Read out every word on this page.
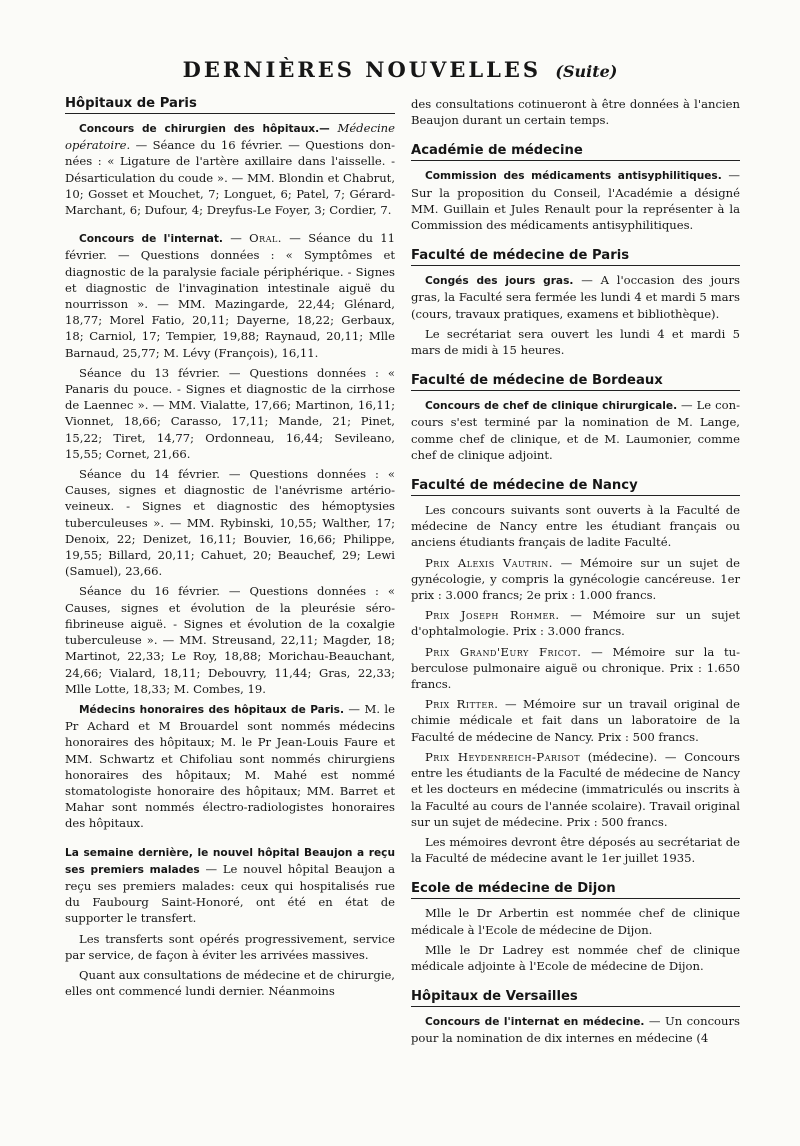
DERNIÈRES NOUVELLES (Suite)
Hôpitaux de Paris

Concours de chirurgien des hôpitaux.— Médecine opératoire. — Séance du 16 février. — Questions données : « Ligature de l'artère axillaire dans l'aisselle. - Désarticulation du coude ». — MM. Blondin et Chabrut, 10; Gosset et Mouchet, 7; Longuet, 6; Patel, 7; Gérard-Marchant, 6; Dufour, 4; Dreyfus-Le Foyer, 3; Cordier, 7.

Concours de l'internat. — Oral. — Séance du 11 février. — Questions données : « Symptômes et diagnostic de la paralysie faciale périphérique. - Signes et diagnostic de l'invagination intestinale aiguë du nourrisson ». — MM. Mazingarde, 22,44; Glénard, 18,77; Morel Fatio, 20,11; Dayerne, 18,22; Gerbaux, 18; Carniol, 17; Tempier, 19,88; Raynaud, 20,11; Mlle Barnaud, 25,77; M. Lévy (François), 16,11.

Séance du 13 février. — Questions données : « Panaris du pouce. - Signes et diagnostic de la cirrhose de Laennec ». — MM. Vialatte, 17,66; Martinon, 16,11; Vionnet, 18,66; Carasso, 17,11; Mande, 21; Pinet, 15,22; Tiret, 14,77; Ordonneau, 16,44; Sevileano, 15,55; Cornet, 21,66.

Séance du 14 février. — Questions données : « Causes, signes et diagnostic de l'anévrisme artério-veineux. - Signes et diagnostic des hémoptysies tuberculeuses ». — MM. Rybinski, 10,55; Walther, 17; Denoix, 22; Denizet, 16,11; Bouvier, 16,66; Philippe, 19,55; Billard, 20,11; Cahuet, 20; Beauchef, 29; Lewi (Samuel), 23,66.

Séance du 16 février. — Questions données : « Causes, signes et évolution de la pleurésie sérofibrineuse aiguë. - Signes et évolution de la coxalgie tuberculeuse ». — MM. Streusand, 22,11; Magder, 18; Martinot, 22,33; Le Roy, 18,88; Morichau-Beauchant, 24,66; Vialard, 18,11; Debouvry, 11,44; Gras, 22,33; Mlle Lotte, 18,33; M. Combes, 19.

Médecins honoraires des hôpitaux de Paris. — M. le Pr Achard et M Brouardel sont nommés médecins honoraires des hôpitaux; M. le Pr Jean-Louis Faure et MM. Schwartz et Chifoliau sont nommés chirurgiens honoraires des hôpitaux; M. Mahé est nommé stomatologiste honoraire des hôpitaux; MM. Barret et Mahar sont nommés électro-radiologistes honoraires des hôpitaux.

La semaine dernière, le nouvel hôpital Beaujon a reçu ses premiers malades — Le nouvel hôpital Beaujon a reçu ses premiers malades: ceux qui hospitalisés rue du Faubourg Saint-Honoré, ont été en état de supporter le transfert.

Les transferts sont opérés progressivement, service par service, de façon à éviter les arrivées massives.

Quant aux consultations de médecine et de chirurgie, elles ont commencé lundi dernier. Néanmoins

des consultations cotinueront à être données à l'ancien Beaujon durant un certain temps.

Académie de médecine

Commission des médicaments antisyphilitiques. — Sur la proposition du Conseil, l'Académie a désigné MM. Guillain et Jules Renault pour la représenter à la Commission des médicaments antisyphilitiques.

Faculté de médecine de Paris

Congés des jours gras. — A l'occasion des jours gras, la Faculté sera fermée les lundi 4 et mardi 5 mars (cours, travaux pratiques, examens et bibliothèque).

Le secrétariat sera ouvert les lundi 4 et mardi 5 mars de midi à 15 heures.

Faculté de médecine de Bordeaux

Concours de chef de clinique chirurgicale. — Le concours s'est terminé par la nomination de M. Lange, comme chef de clinique, et de M. Laumonier, comme chef de clinique adjoint.

Faculté de médecine de Nancy

Les concours suivants sont ouverts à la Faculté de médecine de Nancy entre les étudiant français ou anciens étudiants français de ladite Faculté.

Prix Alexis Vautrin. — Mémoire sur un sujet de gynécologie, y compris la gynécologie cancéreuse. 1er prix : 3.000 francs; 2e prix : 1.000 francs.

Prix Joseph Rohmer. — Mémoire sur un sujet d'ophtalmologie. Prix : 3.000 francs.

Prix Grand'Eury Fricot. — Mémoire sur la tuberculose pulmonaire aiguë ou chronique. Prix : 1.650 francs.

Prix Ritter. — Mémoire sur un travail original de chimie médicale et fait dans un laboratoire de la Faculté de médecine de Nancy. Prix : 500 francs.

Prix Heydenreich-Parisot (médecine). — Concours entre les étudiants de la Faculté de médecine de Nancy et les docteurs en médecine (immatriculés ou inscrits à la Faculté au cours de l'année scolaire). Travail original sur un sujet de médecine. Prix : 500 francs.

Les mémoires devront être déposés au secrétariat de la Faculté de médecine avant le 1er juillet 1935.

Ecole de médecine de Dijon

Mlle le Dr Arbertin est nommée chef de clinique médicale à l'Ecole de médecine de Dijon.

Mlle le Dr Ladrey est nommée chef de clinique médicale adjointe à l'Ecole de médecine de Dijon.

Hôpitaux de Versailles

Concours de l'internat en médecine. — Un concours pour la nomination de dix internes en médecine (4
